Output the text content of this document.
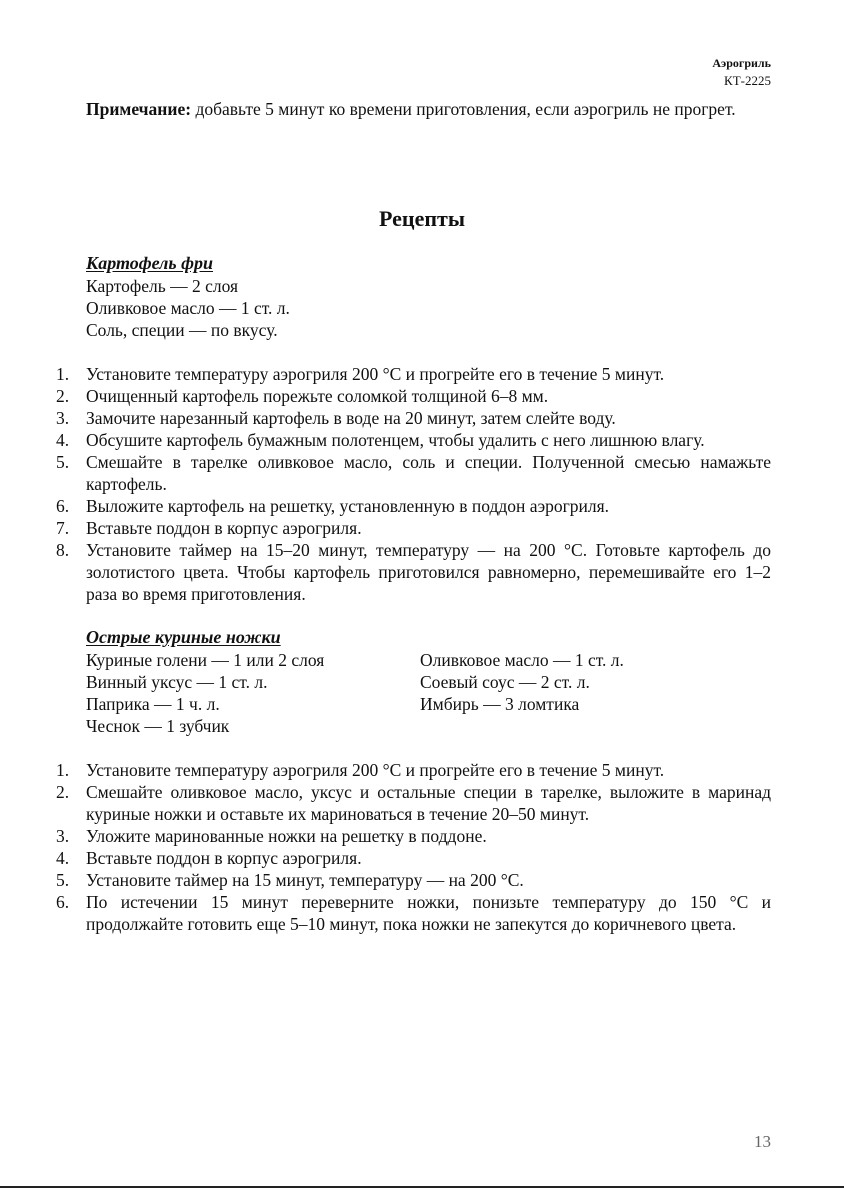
Аэрогриль
КТ-2225
Примечание: добавьте 5 минут ко времени приготовления, если аэрогриль не прогрет.
Рецепты
Картофель фри
Картофель — 2 слоя
Оливковое масло — 1 ст. л.
Соль, специи — по вкусу.
1. Установите температуру аэрогриля 200 °С и прогрейте его в течение 5 минут.
2. Очищенный картофель порежьте соломкой толщиной 6–8 мм.
3. Замочите нарезанный картофель в воде на 20 минут, затем слейте воду.
4. Обсушите картофель бумажным полотенцем, чтобы удалить с него лишнюю влагу.
5. Смешайте в тарелке оливковое масло, соль и специи. Полученной смесью намажьте картофель.
6. Выложите картофель на решетку, установленную в поддон аэрогриля.
7. Вставьте поддон в корпус аэрогриля.
8. Установите таймер на 15–20 минут, температуру — на 200 °С. Готовьте картофель до золотистого цвета. Чтобы картофель приготовился равномерно, перемешивайте его 1–2 раза во время приготовления.
Острые куриные ножки
Куриные голени — 1 или 2 слоя	Оливковое масло — 1 ст. л.
Винный уксус — 1 ст. л.	Соевый соус — 2 ст. л.
Паприка — 1 ч. л.	Имбирь — 3 ломтика
Чеснок — 1 зубчик
1. Установите температуру аэрогриля 200 °С и прогрейте его в течение 5 минут.
2. Смешайте оливковое масло, уксус и остальные специи в тарелке, выложите в маринад куриные ножки и оставьте их мариноваться в течение 20–50 минут.
3. Уложите маринованные ножки на решетку в поддоне.
4. Вставьте поддон в корпус аэрогриля.
5. Установите таймер на 15 минут, температуру — на 200 °С.
6. По истечении 15 минут переверните ножки, понизьте температуру до 150 °С и продолжайте готовить еще 5–10 минут, пока ножки не запекутся до коричневого цвета.
13
